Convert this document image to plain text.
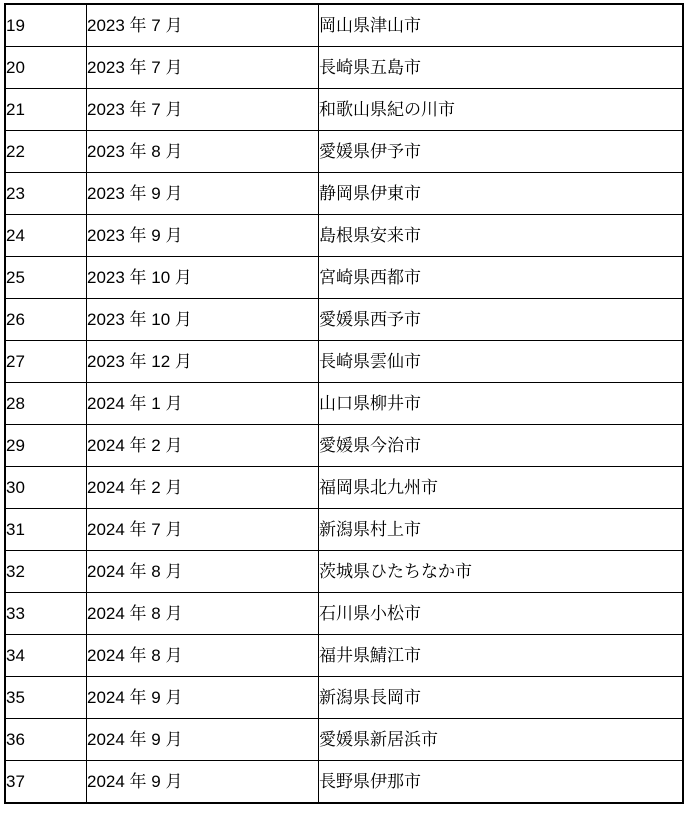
19	2023 年 7 月	岡山県津山市
20	2023 年 7 月	長崎県五島市
21	2023 年 7 月	和歌山県紀の川市
22	2023 年 8 月	愛媛県伊予市
23	2023 年 9 月	静岡県伊東市
24	2023 年 9 月	島根県安来市
25	2023 年 10 月	宮崎県西都市
26	2023 年 10 月	愛媛県西予市
27	2023 年 12 月	長崎県雲仙市
28	2024 年 1 月	山口県柳井市
29	2024 年 2 月	愛媛県今治市
30	2024 年 2 月	福岡県北九州市
31	2024 年 7 月	新潟県村上市
32	2024 年 8 月	茨城県ひたちなか市
33	2024 年 8 月	石川県小松市
34	2024 年 8 月	福井県鯖江市
35	2024 年 9 月	新潟県長岡市
36	2024 年 9 月	愛媛県新居浜市
37	2024 年 9 月	長野県伊那市
